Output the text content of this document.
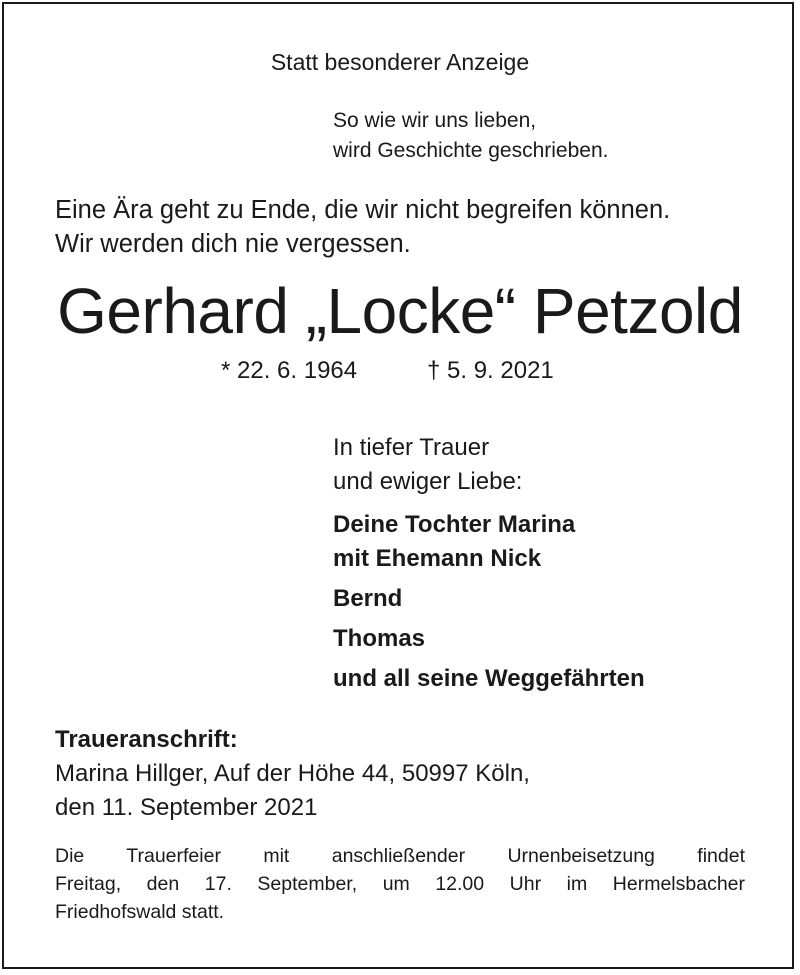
Statt besonderer Anzeige

So wie wir uns lieben,
wird Geschichte geschrieben.
Eine Ära geht zu Ende, die wir nicht begreifen können.
Wir werden dich nie vergessen.
Gerhard „Locke“ Petzold
* 22. 6. 1964	† 5. 9. 2021
In tiefer Trauer
und ewiger Liebe:
Deine Tochter Marina
mit Ehemann Nick
Bernd
Thomas
und all seine Weggefährten
Traueranschrift:
Marina Hillger, Auf der Höhe 44, 50997 Köln,
den 11. September 2021
Die Trauerfeier mit anschließender Urnenbeisetzung findet
Freitag, den 17. September, um 12.00 Uhr im Hermelsbacher
Friedhofswald statt.
